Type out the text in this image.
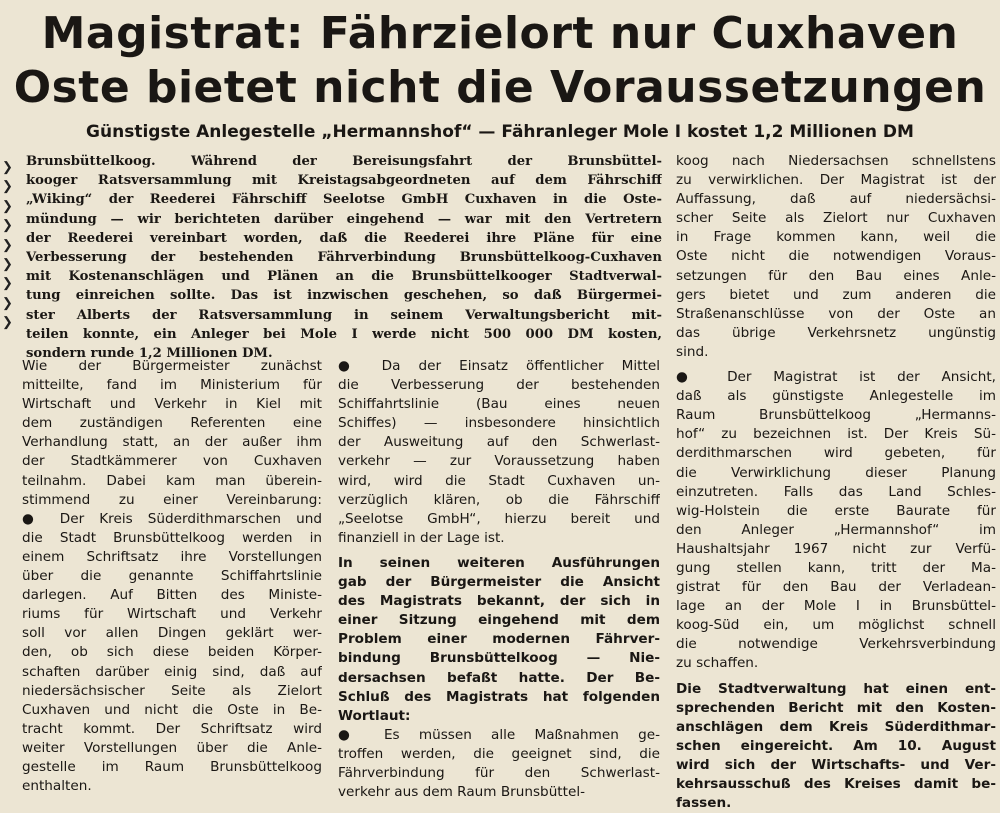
Magistrat: Fährzielort nur Cuxhaven
Oste bietet nicht die Voraussetzungen
Günstigste Anlegestelle „Hermannshof“ — Fähranleger Mole I kostet 1,2 Millionen DM
❯
❯
❯
❯
❯
❯
❯
❯
❯
Brunsbüttelkoog. Während der Bereisungsfahrt der Brunsbüttel-
kooger Ratsversammlung mit Kreistagsabgeordneten auf dem Fährschiff
„Wiking“ der Reederei Fährschiff Seelotse GmbH Cuxhaven in die Oste-
mündung — wir berichteten darüber eingehend — war mit den Vertretern
der Reederei vereinbart worden, daß die Reederei ihre Pläne für eine
Verbesserung der bestehenden Fährverbindung Brunsbüttelkoog-Cuxhaven
mit Kostenanschlägen und Plänen an die Brunsbüttelkooger Stadtverwal-
tung einreichen sollte. Das ist inzwischen geschehen, so daß Bürgermei-
ster Alberts der Ratsversammlung in seinem Verwaltungsbericht mit-
teilen konnte, ein Anleger bei Mole I werde nicht 500 000 DM kosten,
sondern runde 1,2 Millionen DM.
Wie der Bürgermeister zunächst
mitteilte, fand im Ministerium für
Wirtschaft und Verkehr in Kiel mit
dem zuständigen Referenten eine
Verhandlung statt, an der außer ihm
der Stadtkämmerer von Cuxhaven
teilnahm. Dabei kam man überein-
stimmend zu einer Vereinbarung:
● Der Kreis Süderdithmarschen und
die Stadt Brunsbüttelkoog werden in
einem Schriftsatz ihre Vorstellungen
über die genannte Schiffahrtslinie
darlegen. Auf Bitten des Ministe-
riums für Wirtschaft und Verkehr
soll vor allen Dingen geklärt wer-
den, ob sich diese beiden Körper-
schaften darüber einig sind, daß auf
niedersächsischer Seite als Zielort
Cuxhaven und nicht die Oste in Be-
tracht kommt. Der Schriftsatz wird
weiter Vorstellungen über die Anle-
gestelle im Raum Brunsbüttelkoog
enthalten.
● Da der Einsatz öffentlicher Mittel
die Verbesserung der bestehenden
Schiffahrtslinie (Bau eines neuen
Schiffes) — insbesondere hinsichtlich
der Ausweitung auf den Schwerlast-
verkehr — zur Voraussetzung haben
wird, wird die Stadt Cuxhaven un-
verzüglich klären, ob die Fährschiff
„Seelotse GmbH“, hierzu bereit und
finanziell in der Lage ist.
In seinen weiteren Ausführungen
gab der Bürgermeister die Ansicht
des Magistrats bekannt, der sich in
einer Sitzung eingehend mit dem
Problem einer modernen Fährver-
bindung Brunsbüttelkoog — Nie-
dersachsen befaßt hatte. Der Be-
Schluß des Magistrats hat folgenden
Wortlaut:
● Es müssen alle Maßnahmen ge-
troffen werden, die geeignet sind, die
Fährverbindung für den Schwerlast-
verkehr aus dem Raum Brunsbüttel-
koog nach Niedersachsen schnellstens
zu verwirklichen. Der Magistrat ist der
Auffassung, daß auf niedersächsi-
scher Seite als Zielort nur Cuxhaven
in Frage kommen kann, weil die
Oste nicht die notwendigen Voraus-
setzungen für den Bau eines Anle-
gers bietet und zum anderen die
Straßenanschlüsse von der Oste an
das übrige Verkehrsnetz ungünstig
sind.
● Der Magistrat ist der Ansicht,
daß als günstigste Anlegestelle im
Raum Brunsbüttelkoog „Hermanns-
hof“ zu bezeichnen ist. Der Kreis Sü-
derdithmarschen wird gebeten, für
die Verwirklichung dieser Planung
einzutreten. Falls das Land Schles-
wig-Holstein die erste Baurate für
den Anleger „Hermannshof“ im
Haushaltsjahr 1967 nicht zur Verfü-
gung stellen kann, tritt der Ma-
gistrat für den Bau der Verladean-
lage an der Mole I in Brunsbüttel-
koog-Süd ein, um möglichst schnell
die notwendige Verkehrsverbindung
zu schaffen.
Die Stadtverwaltung hat einen ent-
sprechenden Bericht mit den Kosten-
anschlägen dem Kreis Süderdithmar-
schen eingereicht. Am 10. August
wird sich der Wirtschafts- und Ver-
kehrsausschuß des Kreises damit be-
fassen.
